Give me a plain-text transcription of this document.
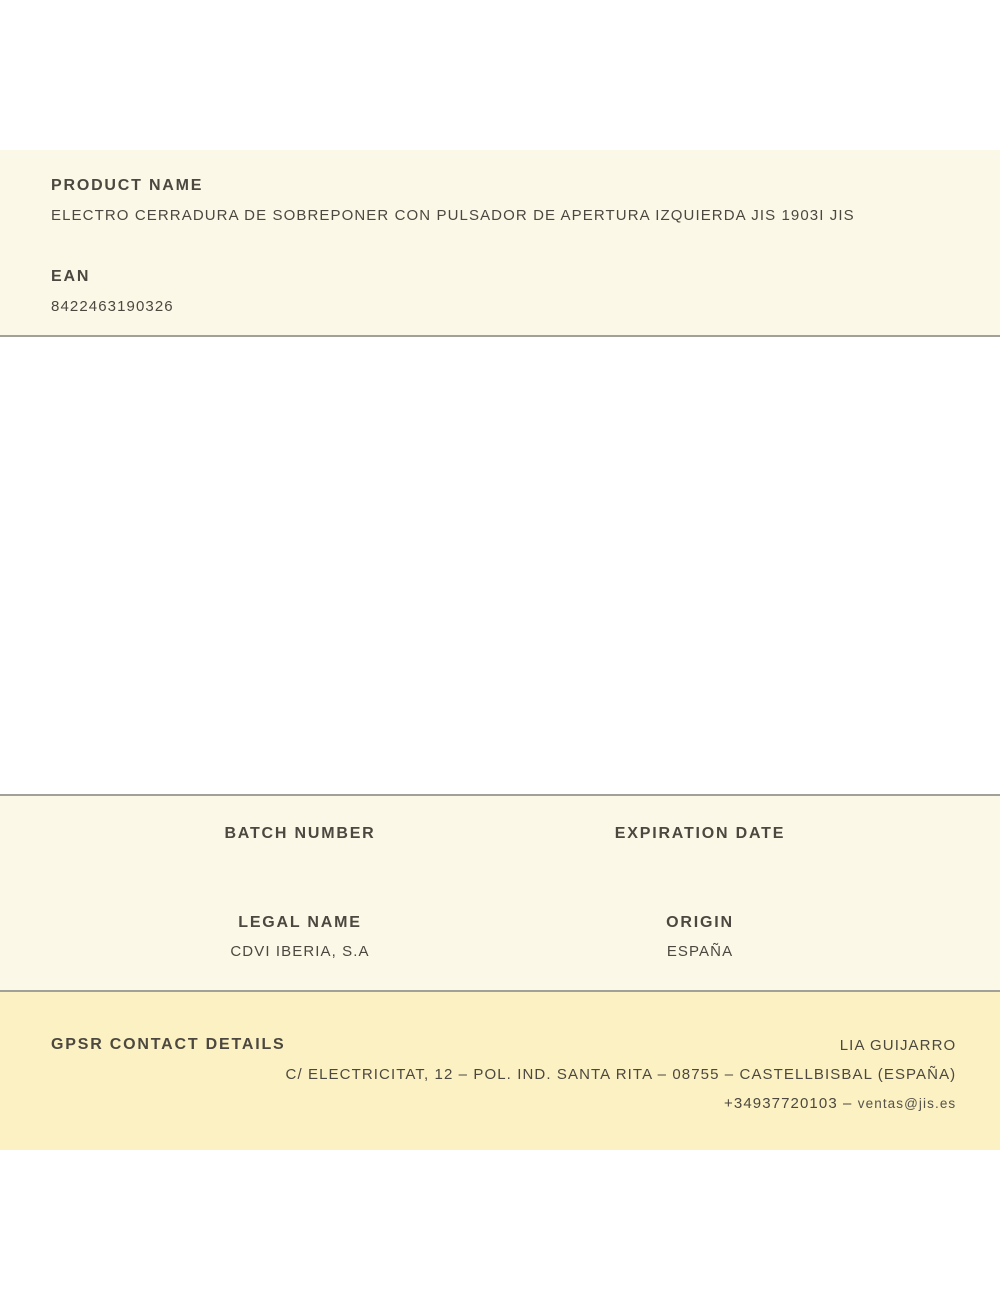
PRODUCT NAME
ELECTRO CERRADURA DE SOBREPONER CON PULSADOR DE APERTURA IZQUIERDA JIS 1903I JIS
EAN
8422463190326
BATCH NUMBER	EXPIRATION DATE
LEGAL NAME
CDVI IBERIA, S.A
ORIGIN
ESPAÑA
GPSR CONTACT DETAILS	LIA GUIJARRO
C/ ELECTRICITAT, 12 – POL. IND. SANTA RITA – 08755 – CASTELLBISBAL (ESPAÑA)
+34937720103 – ventas@jis.es
